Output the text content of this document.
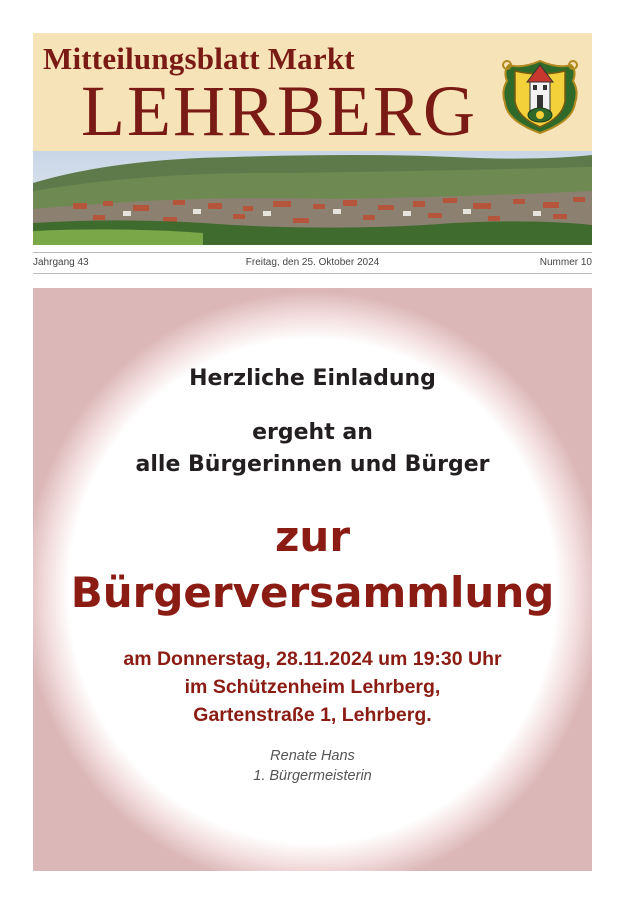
Mitteilungsblatt Markt
LEHRBERG
Jahrgang 43	Freitag, den 25. Oktober 2024	Nummer 10
Herzliche Einladung
ergeht an
alle Bürgerinnen und Bürger
zur
Bürgerversammlung
am Donnerstag, 28.11.2024 um 19:30 Uhr
im Schützenheim Lehrberg,
Gartenstraße 1, Lehrberg.
Renate Hans
1. Bürgermeisterin
